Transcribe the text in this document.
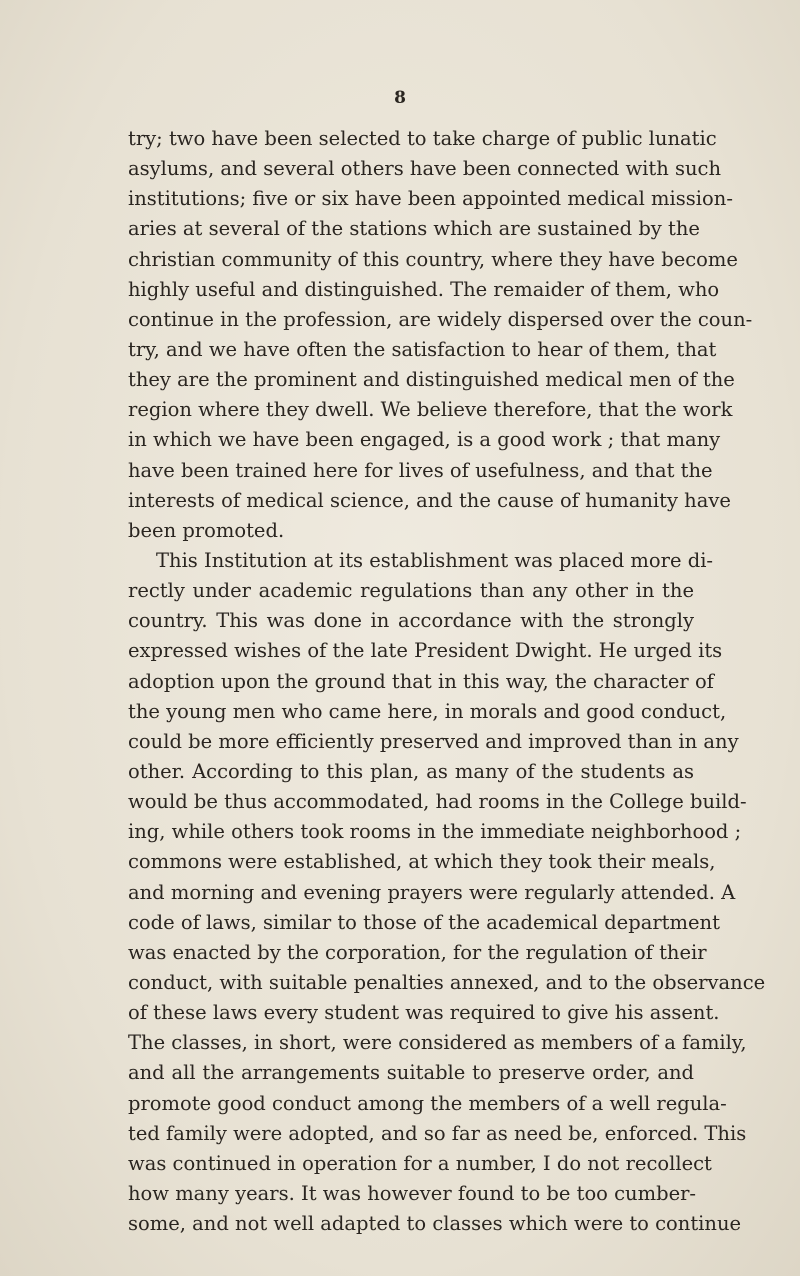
8
try; two have been selected to take charge of public lunatic
asylums, and several others have been connected with such
institutions; five or six have been appointed medical mission-
aries at several of the stations which are sustained by the
christian community of this country, where they have become
highly useful and distinguished. The remaider of them, who
continue in the profession, are widely dispersed over the coun-
try, and we have often the satisfaction to hear of them, that
they are the prominent and distinguished medical men of the
region where they dwell. We believe therefore, that the work
in which we have been engaged, is a good work ; that many
have been trained here for lives of usefulness, and that the
interests of medical science, and the cause of humanity have
been promoted.
This Institution at its establishment was placed more di-
rectly under academic regulations than any other in the
country. This was done in accordance with the strongly
expressed wishes of the late President Dwight. He urged its
adoption upon the ground that in this way, the character of
the young men who came here, in morals and good conduct,
could be more efficiently preserved and improved than in any
other. According to this plan, as many of the students as
would be thus accommodated, had rooms in the College build-
ing, while others took rooms in the immediate neighborhood ;
commons were established, at which they took their meals,
and morning and evening prayers were regularly attended. A
code of laws, similar to those of the academical department
was enacted by the corporation, for the regulation of their
conduct, with suitable penalties annexed, and to the observance
of these laws every student was required to give his assent.
The classes, in short, were considered as members of a family,
and all the arrangements suitable to preserve order, and
promote good conduct among the members of a well regula-
ted family were adopted, and so far as need be, enforced. This
was continued in operation for a number, I do not recollect
how many years. It was however found to be too cumber-
some, and not well adapted to classes which were to continue
